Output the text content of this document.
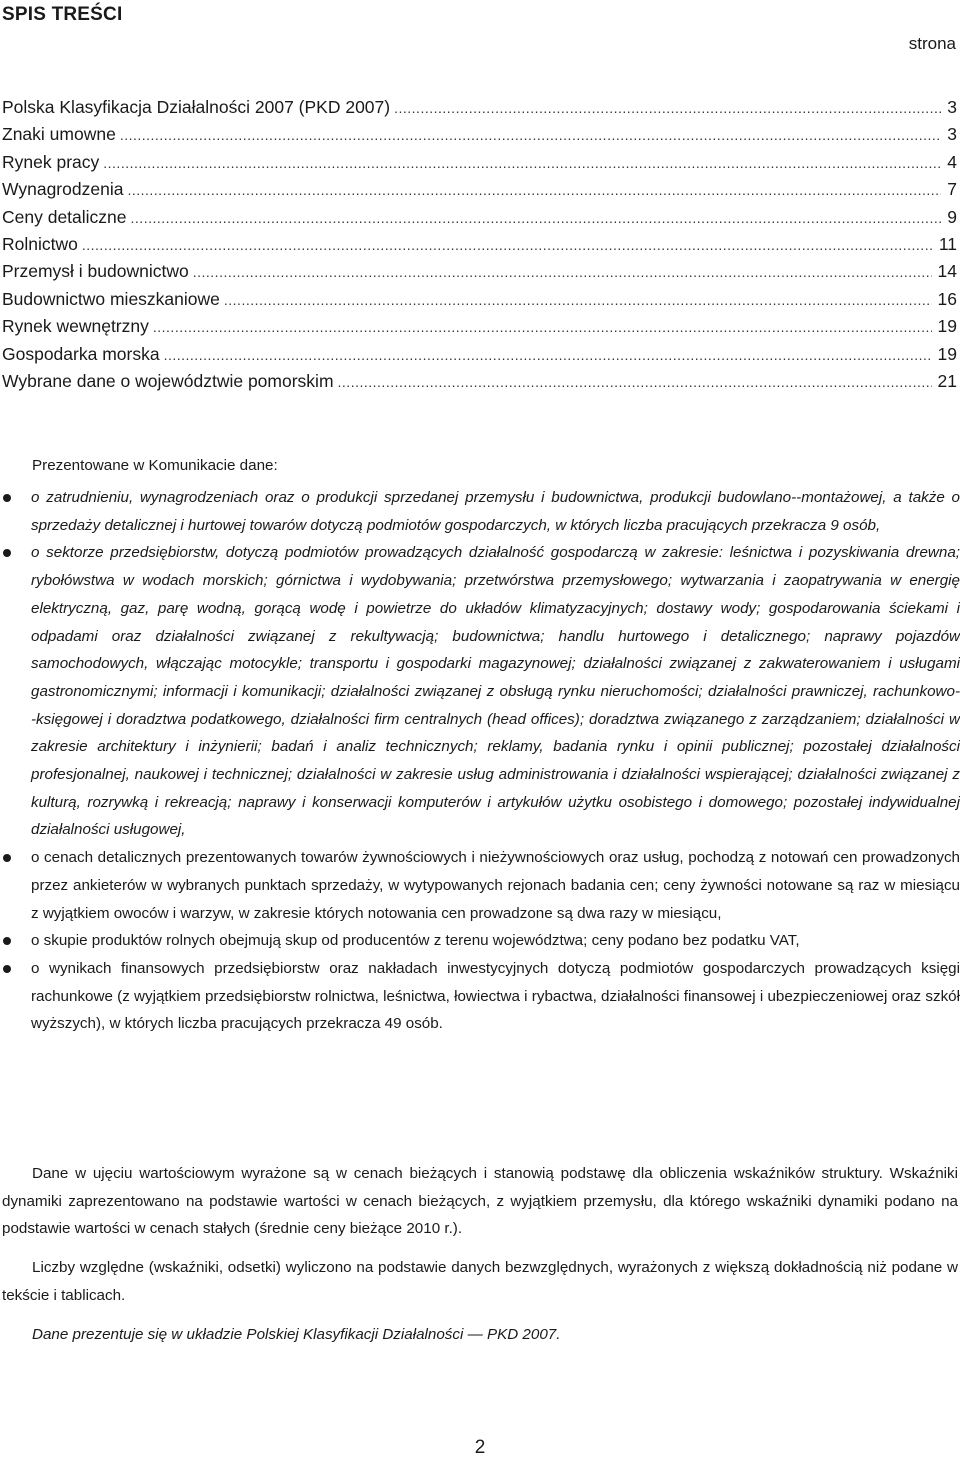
SPIS TREŚCI
strona
Polska Klasyfikacja Działalności 2007 (PKD 2007) .....	3
Znaki umowne .....	3
Rynek pracy .....	4
Wynagrodzenia .....	7
Ceny detaliczne .....	9
Rolnictwo .....	11
Przemysł i budownictwo .....	14
Budownictwo mieszkaniowe .....	16
Rynek wewnętrzny .....	19
Gospodarka morska .....	19
Wybrane dane o województwie pomorskim .....	21
Prezentowane w Komunikacie dane:
o zatrudnieniu, wynagrodzeniach oraz o produkcji sprzedanej przemysłu i budownictwa, produkcji budowlano-‑montażowej, a także o sprzedaży detalicznej i hurtowej towarów dotyczą podmiotów gospodarczych, w których liczba pracujących przekracza 9 osób,
o sektorze przedsiębiorstw, dotyczą podmiotów prowadzących działalność gospodarczą w zakresie: leśnictwa i pozyskiwania drewna; rybołówstwa w wodach morskich; górnictwa i wydobywania; przetwórstwa przemysłowego; wytwarzania i zaopatrywania w energię elektryczną, gaz, parę wodną, gorącą wodę i powietrze do układów klimatyzacyjnych; dostawy wody; gospodarowania ściekami i odpadami oraz działalności związanej z rekultywacją; budownictwa; handlu hurtowego i detalicznego; naprawy pojazdów samochodowych, włączając motocykle; transportu i gospodarki magazynowej; działalności związanej z zakwaterowaniem i usługami gastronomicznymi; informacji i komunikacji; działalności związanej z obsługą rynku nieruchomości; działalności prawniczej, rachunkowo-‑księgowej i doradztwa podatkowego, działalności firm centralnych (head offices); doradztwa związanego z zarządzaniem; działalności w zakresie architektury i inżynierii; badań i analiz technicznych; reklamy, badania rynku i opinii publicznej; pozostałej działalności profesjonalnej, naukowej i technicznej; działalności w zakresie usług administrowania i działalności wspierającej; działalności związanej z kulturą, rozrywką i rekreacją; naprawy i konserwacji komputerów i artykułów użytku osobistego i domowego; pozostałej indywidualnej działalności usługowej,
o cenach detalicznych prezentowanych towarów żywnościowych i nieżywnościowych oraz usług, pochodzą z notowań cen prowadzonych przez ankieterów w wybranych punktach sprzedaży, w wytypowanych rejonach badania cen; ceny żywności notowane są raz w miesiącu z wyjątkiem owoców i warzyw, w zakresie których notowania cen prowadzone są dwa razy w miesiącu,
o skupie produktów rolnych obejmują skup od producentów z terenu województwa; ceny podano bez podatku VAT,
o wynikach finansowych przedsiębiorstw oraz nakładach inwestycyjnych dotyczą podmiotów gospodarczych prowadzących księgi rachunkowe (z wyjątkiem przedsiębiorstw rolnictwa, leśnictwa, łowiectwa i rybactwa, działalności finansowej i ubezpieczeniowej oraz szkół wyższych), w których liczba pracujących przekracza 49 osób.

Dane w ujęciu wartościowym wyrażone są w cenach bieżących i stanowią podstawę dla obliczenia wskaźników struktury. Wskaźniki dynamiki zaprezentowano na podstawie wartości w cenach bieżących, z wyjątkiem przemysłu, dla którego wskaźniki dynamiki podano na podstawie wartości w cenach stałych (średnie ceny bieżące 2010 r.).

Liczby względne (wskaźniki, odsetki) wyliczono na podstawie danych bezwzględnych, wyrażonych z większą dokładnością niż podane w tekście i tablicach.

Dane prezentuje się w układzie Polskiej Klasyfikacji Działalności — PKD 2007.

2
